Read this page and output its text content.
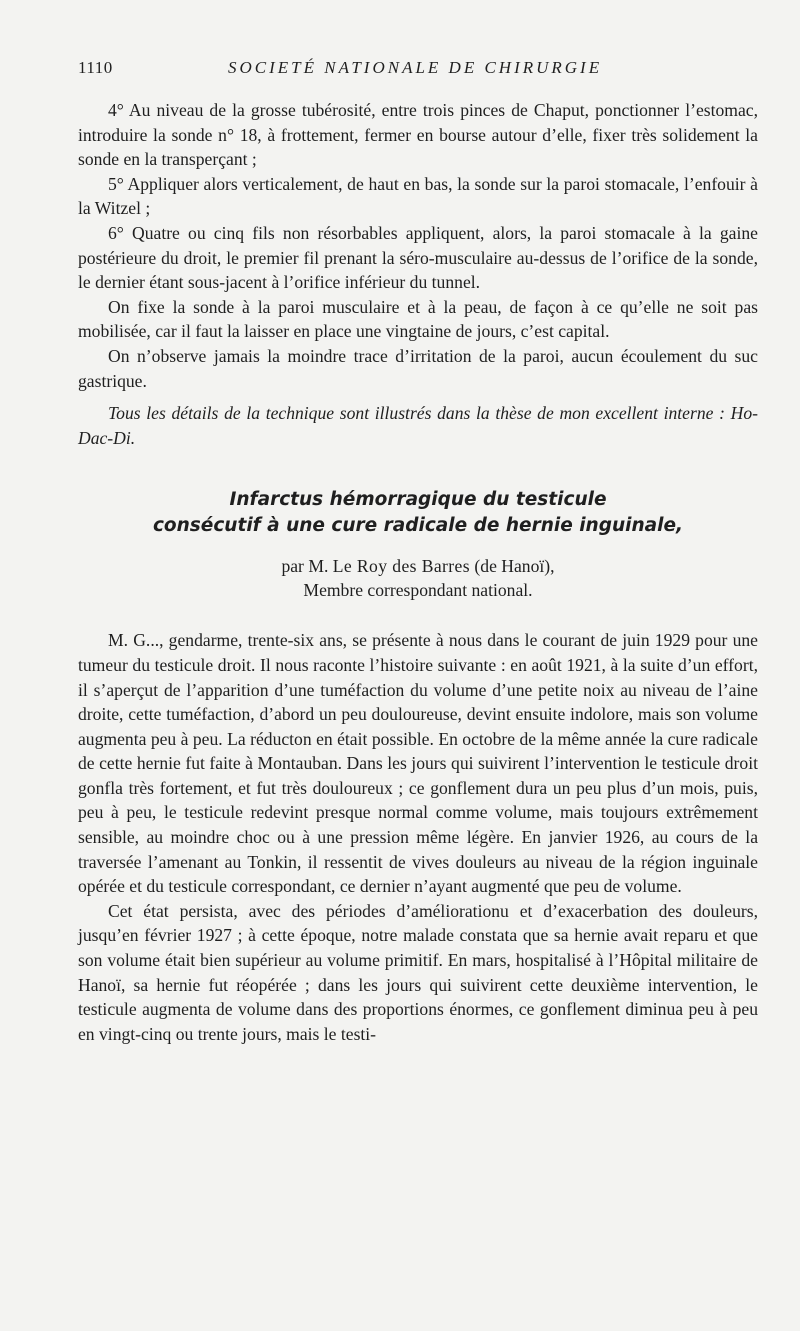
1110	SOCIETÉ NATIONALE DE CHIRURGIE

4° Au niveau de la grosse tubérosité, entre trois pinces de Chaput, ponctionner l’estomac, introduire la sonde n° 18, à frottement, fermer en bourse autour d’elle, fixer très solidement la sonde en la transperçant ;

5° Appliquer alors verticalement, de haut en bas, la sonde sur la paroi stomacale, l’enfouir à la Witzel ;

6° Quatre ou cinq fils non résorbables appliquent, alors, la paroi stomacale à la gaine postérieure du droit, le premier fil prenant la séro-musculaire au-dessus de l’orifice de la sonde, le dernier étant sous-jacent à l’orifice inférieur du tunnel.

On fixe la sonde à la paroi musculaire et à la peau, de façon à ce qu’elle ne soit pas mobilisée, car il faut la laisser en place une vingtaine de jours, c’est capital.

On n’observe jamais la moindre trace d’irritation de la paroi, aucun écoulement du suc gastrique.

Tous les détails de la technique sont illustrés dans la thèse de mon excellent interne : Ho-Dac-Di.

Infarctus hémorragique du testicule
consécutif à une cure radicale de hernie inguinale,
par M. Le Roy des Barres (de Hanoï),
Membre correspondant national.

M. G..., gendarme, trente-six ans, se présente à nous dans le courant de juin 1929 pour une tumeur du testicule droit. Il nous raconte l’histoire suivante : en août 1921, à la suite d’un effort, il s’aperçut de l’apparition d’une tuméfaction du volume d’une petite noix au niveau de l’aine droite, cette tuméfaction, d’abord un peu douloureuse, devint ensuite indolore, mais son volume augmenta peu à peu. La réducton en était possible. En octobre de la même année la cure radicale de cette hernie fut faite à Montauban. Dans les jours qui suivirent l’intervention le testicule droit gonfla très fortement, et fut très douloureux ; ce gonflement dura un peu plus d’un mois, puis, peu à peu, le testicule redevint presque normal comme volume, mais toujours extrêmement sensible, au moindre choc ou à une pression même légère. En janvier 1926, au cours de la traversée l’amenant au Tonkin, il ressentit de vives douleurs au niveau de la région inguinale opérée et du testicule correspondant, ce dernier n’ayant augmenté que peu de volume.

Cet état persista, avec des périodes d’améliorationu et d’exacerbation des douleurs, jusqu’en février 1927 ; à cette époque, notre malade constata que sa hernie avait reparu et que son volume était bien supérieur au volume primitif. En mars, hospitalisé à l’Hôpital militaire de Hanoï, sa hernie fut réopérée ; dans les jours qui suivirent cette deuxième intervention, le testicule augmenta de volume dans des proportions énormes, ce gonflement diminua peu à peu en vingt-cinq ou trente jours, mais le testi-
